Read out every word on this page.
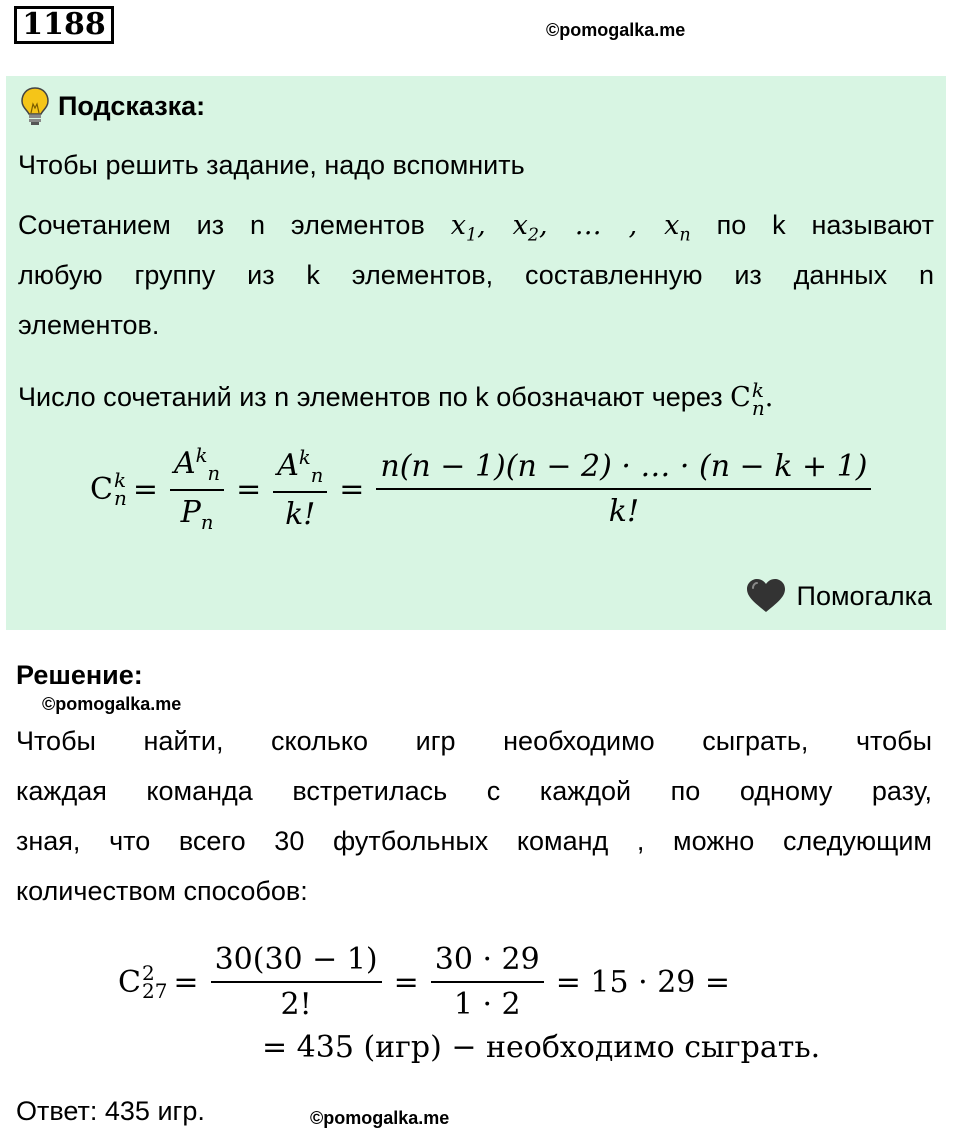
1188	©pomogalka.me
Подсказка:
Чтобы решить задание, надо вспомнить
Сочетанием из n элементов $x_1$, $x_2$, … , $x_n$ по k называют
любую группу из k элементов, составленную из данных n
элементов.
Число сочетаний из n элементов по k обозначают через C k
n .
C k
$n = \frac{A^k_n}{P_n} = \frac{A^k_n}{k!} = \frac{n(n - 1)(n - 2) \cdot \dots \cdot (n - k + 1)}{k!}$
Помогалка
Решение:
©pomogalka.me
Чтобы найти, сколько игр необходимо сыграть, чтобы
каждая команда встретилась с каждой по одному разу,
зная, что всего 30 футбольных команд , можно следующим
количеством способов:
C 2
$27 = \frac{30(30 - 1)}{2!} = \frac{30 \cdot 29}{1 \cdot 2} = 15 \cdot 29$ =
= 435 (игр) − необходимо сыграть.
Ответ: 435 игр.	©pomogalka.me
